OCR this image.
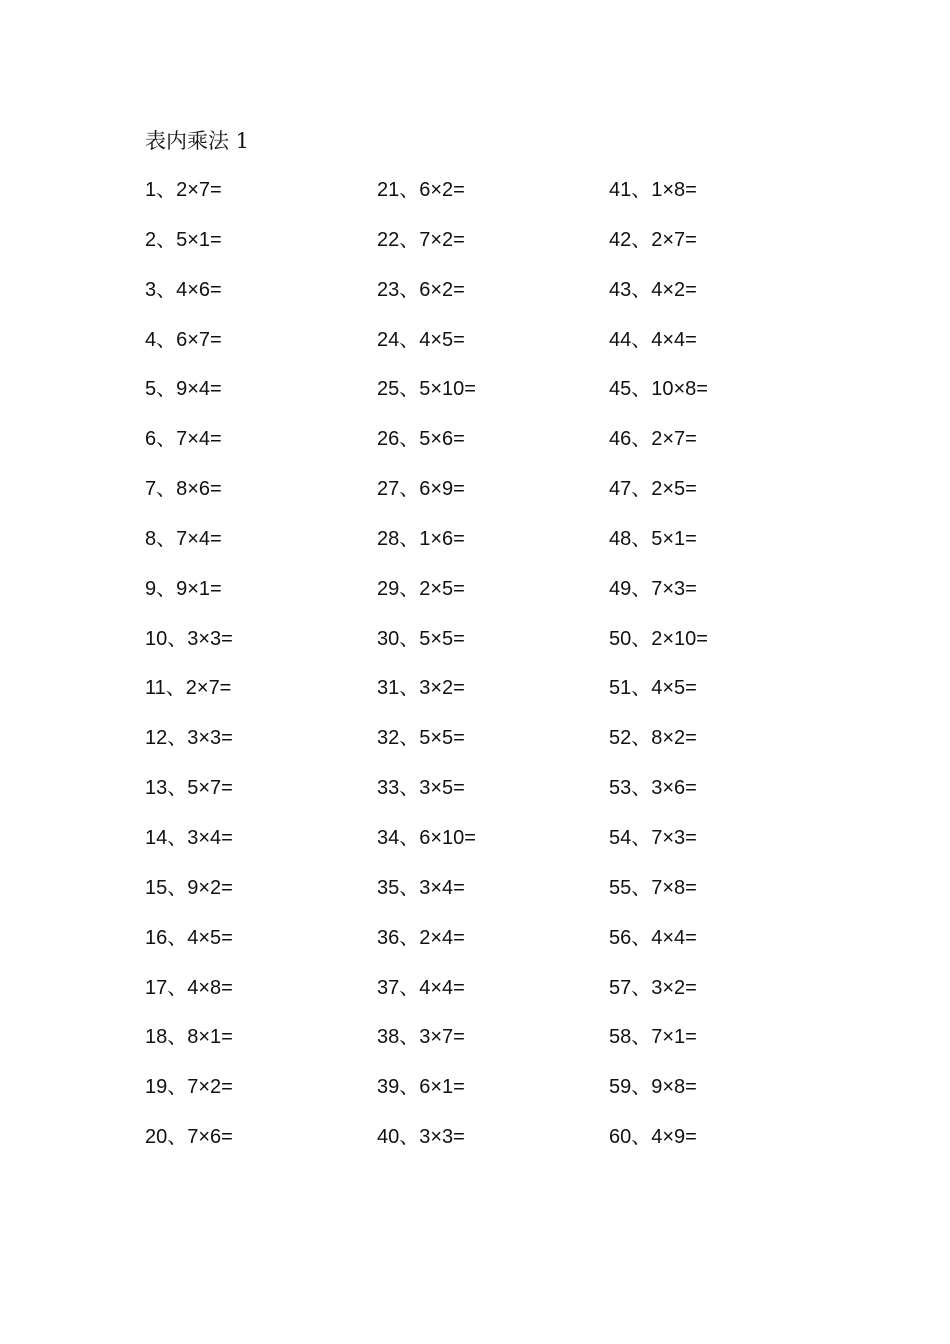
表内乘法 1
1、2×7=
2、5×1=
3、4×6=
4、6×7=
5、9×4=
6、7×4=
7、8×6=
8、7×4=
9、9×1=
10、3×3=
11、2×7=
12、3×3=
13、5×7=
14、3×4=
15、9×2=
16、4×5=
17、4×8=
18、8×1=
19、7×2=
20、7×6=
21、6×2=
22、7×2=
23、6×2=
24、4×5=
25、5×10=
26、5×6=
27、6×9=
28、1×6=
29、2×5=
30、5×5=
31、3×2=
32、5×5=
33、3×5=
34、6×10=
35、3×4=
36、2×4=
37、4×4=
38、3×7=
39、6×1=
40、3×3=
41、1×8=
42、2×7=
43、4×2=
44、4×4=
45、10×8=
46、2×7=
47、2×5=
48、5×1=
49、7×3=
50、2×10=
51、4×5=
52、8×2=
53、3×6=
54、7×3=
55、7×8=
56、4×4=
57、3×2=
58、7×1=
59、9×8=
60、4×9=
